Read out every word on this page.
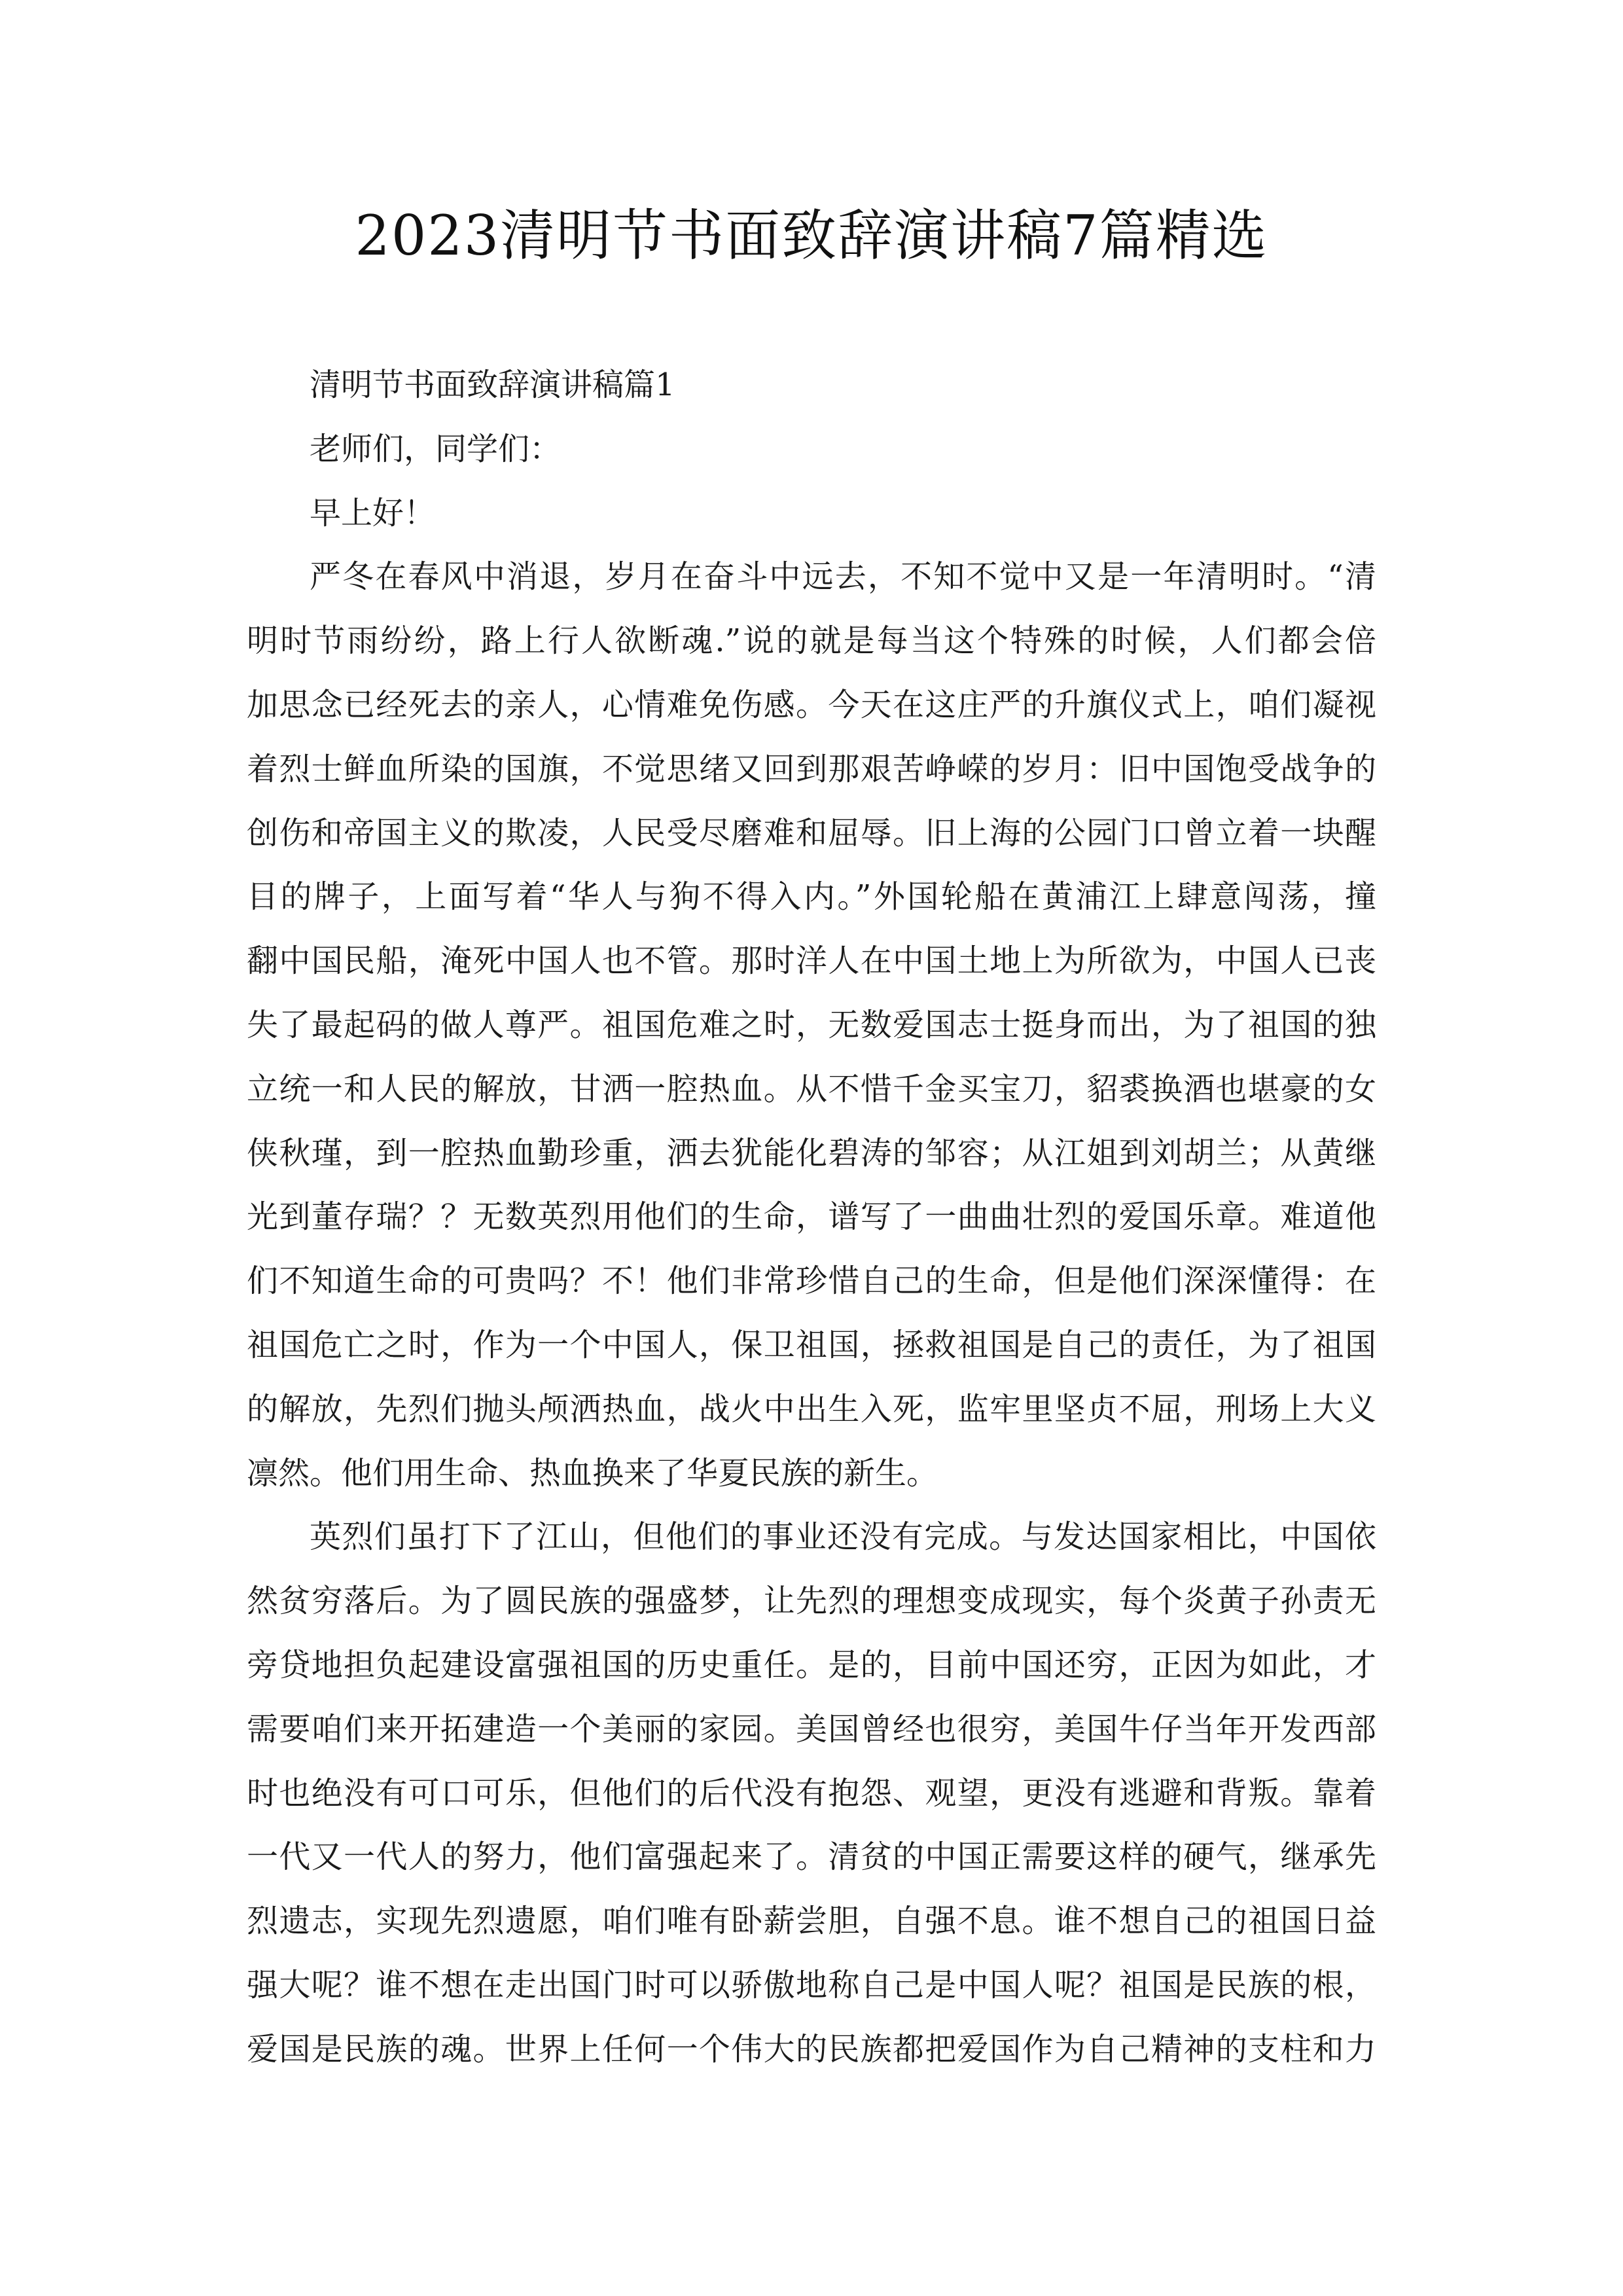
2023清明节书面致辞演讲稿7篇精选
清明节书面致辞演讲稿篇1
老师们，同学们：
早上好！
严冬在春风中消退，岁月在奋斗中远去，不知不觉中又是一年清明时。“清
明时节雨纷纷，路上行人欲断魂.”说的就是每当这个特殊的时候，人们都会倍
加思念已经死去的亲人，心情难免伤感。今天在这庄严的升旗仪式上，咱们凝视
着烈士鲜血所染的国旗，不觉思绪又回到那艰苦峥嵘的岁月：旧中国饱受战争的
创伤和帝国主义的欺凌，人民受尽磨难和屈辱。旧上海的公园门口曾立着一块醒
目的牌子，上面写着“华人与狗不得入内。”外国轮船在黄浦江上肆意闯荡，撞
翻中国民船，淹死中国人也不管。那时洋人在中国土地上为所欲为，中国人已丧
失了最起码的做人尊严。祖国危难之时，无数爱国志士挺身而出，为了祖国的独
立统一和人民的解放，甘洒一腔热血。从不惜千金买宝刀，貂裘换酒也堪豪的女
侠秋瑾，到一腔热血勤珍重，洒去犹能化碧涛的邹容；从江姐到刘胡兰；从黄继
光到董存瑞？？无数英烈用他们的生命，谱写了一曲曲壮烈的爱国乐章。难道他
们不知道生命的可贵吗？不！他们非常珍惜自己的生命，但是他们深深懂得：在
祖国危亡之时，作为一个中国人，保卫祖国，拯救祖国是自己的责任，为了祖国
的解放，先烈们抛头颅洒热血，战火中出生入死，监牢里坚贞不屈，刑场上大义
凛然。他们用生命、热血换来了华夏民族的新生。
英烈们虽打下了江山，但他们的事业还没有完成。与发达国家相比，中国依
然贫穷落后。为了圆民族的强盛梦，让先烈的理想变成现实，每个炎黄子孙责无
旁贷地担负起建设富强祖国的历史重任。是的，目前中国还穷，正因为如此，才
需要咱们来开拓建造一个美丽的家园。美国曾经也很穷，美国牛仔当年开发西部
时也绝没有可口可乐，但他们的后代没有抱怨、观望，更没有逃避和背叛。靠着
一代又一代人的努力，他们富强起来了。清贫的中国正需要这样的硬气，继承先
烈遗志，实现先烈遗愿，咱们唯有卧薪尝胆，自强不息。谁不想自己的祖国日益
强大呢？谁不想在走出国门时可以骄傲地称自己是中国人呢？祖国是民族的根，
爱国是民族的魂。世界上任何一个伟大的民族都把爱国作为自己精神的支柱和力
